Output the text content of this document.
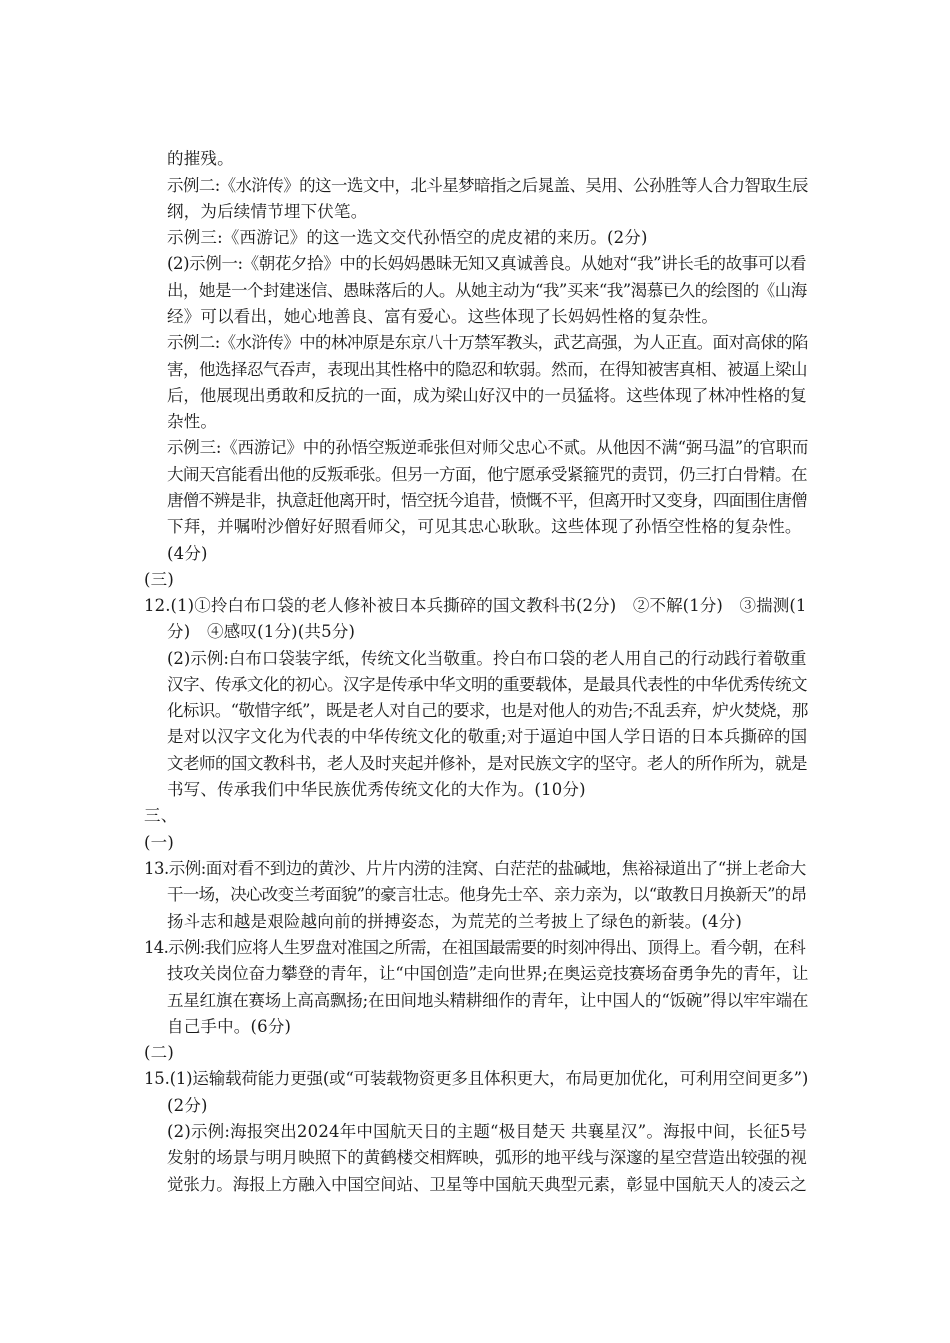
的摧残。
示例二:《水浒传》的这一选文中，北斗星梦暗指之后晁盖、吴用、公孙胜等人合力智取生辰
纲，为后续情节埋下伏笔。
示例三:《西游记》的这一选文交代孙悟空的虎皮裙的来历。(2分)
(2)示例一:《朝花夕拾》中的长妈妈愚昧无知又真诚善良。从她对“我”讲长毛的故事可以看
出，她是一个封建迷信、愚昧落后的人。从她主动为“我”买来“我”渴慕已久的绘图的《山海
经》可以看出，她心地善良、富有爱心。这些体现了长妈妈性格的复杂性。
示例二:《水浒传》中的林冲原是东京八十万禁军教头，武艺高强，为人正直。面对高俅的陷
害，他选择忍气吞声，表现出其性格中的隐忍和软弱。然而，在得知被害真相、被逼上梁山
后，他展现出勇敢和反抗的一面，成为梁山好汉中的一员猛将。这些体现了林冲性格的复
杂性。
示例三:《西游记》中的孙悟空叛逆乖张但对师父忠心不贰。从他因不满“弼马温”的官职而
大闹天宫能看出他的反叛乖张。但另一方面，他宁愿承受紧箍咒的责罚，仍三打白骨精。在
唐僧不辨是非，执意赶他离开时，悟空抚今追昔，愤慨不平，但离开时又变身，四面围住唐僧
下拜，并嘱咐沙僧好好照看师父，可见其忠心耿耿。这些体现了孙悟空性格的复杂性。
(4分)
(三)
12.(1)①拎白布口袋的老人修补被日本兵撕碎的国文教科书(2分)　②不解(1分)　③揣测(1
分)　④感叹(1分)(共5分)
(2)示例:白布口袋装字纸，传统文化当敬重。拎白布口袋的老人用自己的行动践行着敬重
汉字、传承文化的初心。汉字是传承中华文明的重要载体，是最具代表性的中华优秀传统文
化标识。“敬惜字纸”，既是老人对自己的要求，也是对他人的劝告;不乱丢弃，炉火焚烧，那
是对以汉字文化为代表的中华传统文化的敬重;对于逼迫中国人学日语的日本兵撕碎的国
文老师的国文教科书，老人及时夹起并修补，是对民族文字的坚守。老人的所作所为，就是
书写、传承我们中华民族优秀传统文化的大作为。(10分)
三、
(一)
13.示例:面对看不到边的黄沙、片片内涝的洼窝、白茫茫的盐碱地，焦裕禄道出了“拼上老命大
干一场，决心改变兰考面貌”的豪言壮志。他身先士卒、亲力亲为，以“敢教日月换新天”的昂
扬斗志和越是艰险越向前的拼搏姿态，为荒芜的兰考披上了绿色的新装。(4分)
14.示例:我们应将人生罗盘对准国之所需，在祖国最需要的时刻冲得出、顶得上。看今朝，在科
技攻关岗位奋力攀登的青年，让“中国创造”走向世界;在奥运竞技赛场奋勇争先的青年，让
五星红旗在赛场上高高飘扬;在田间地头精耕细作的青年，让中国人的“饭碗”得以牢牢端在
自己手中。(6分)
(二)
15.(1)运输载荷能力更强(或“可装载物资更多且体积更大，布局更加优化，可利用空间更多”)
(2分)
(2)示例:海报突出2024年中国航天日的主题“极目楚天 共襄星汉”。海报中间，长征5号
发射的场景与明月映照下的黄鹤楼交相辉映，弧形的地平线与深邃的星空营造出较强的视
觉张力。海报上方融入中国空间站、卫星等中国航天典型元素，彰显中国航天人的凌云之
